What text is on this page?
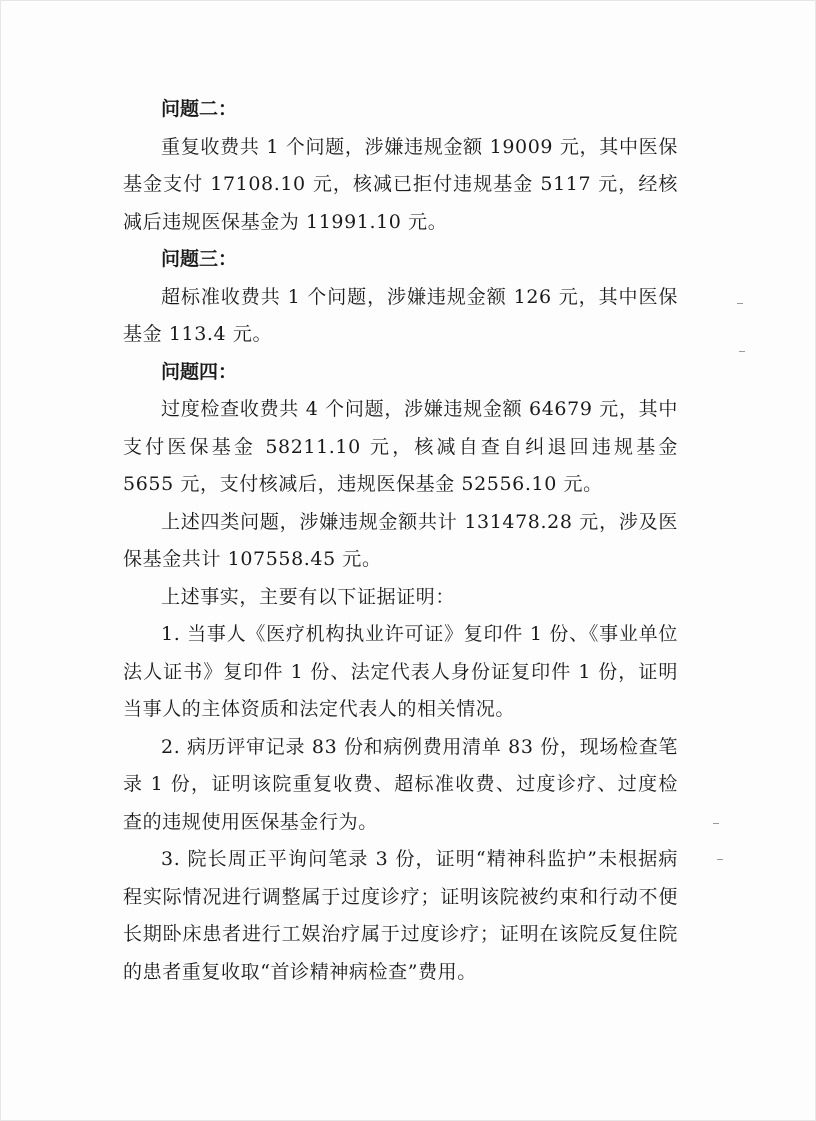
问题二：

重复收费共 1 个问题，涉嫌违规金额 19009 元，其中医保基金支付 17108.10 元，核减已拒付违规基金 5117 元，经核减后违规医保基金为 11991.10 元。

问题三：

超标准收费共 1 个问题，涉嫌违规金额 126 元，其中医保基金 113.4 元。

问题四：

过度检查收费共 4 个问题，涉嫌违规金额 64679 元，其中支付医保基金 58211.10 元，核减自查自纠退回违规基金 5655 元，支付核减后，违规医保基金 52556.10 元。

上述四类问题，涉嫌违规金额共计 131478.28 元，涉及医保基金共计 107558.45 元。

上述事实，主要有以下证据证明：

1. 当事人《医疗机构执业许可证》复印件 1 份、《事业单位法人证书》复印件 1 份、法定代表人身份证复印件 1 份，证明当事人的主体资质和法定代表人的相关情况。

2. 病历评审记录 83 份和病例费用清单 83 份，现场检查笔录 1 份，证明该院重复收费、超标准收费、过度诊疗、过度检查的违规使用医保基金行为。

3. 院长周正平询问笔录 3 份，证明“精神科监护”未根据病程实际情况进行调整属于过度诊疗；证明该院被约束和行动不便长期卧床患者进行工娱治疗属于过度诊疗；证明在该院反复住院的患者重复收取“首诊精神病检查”费用。
